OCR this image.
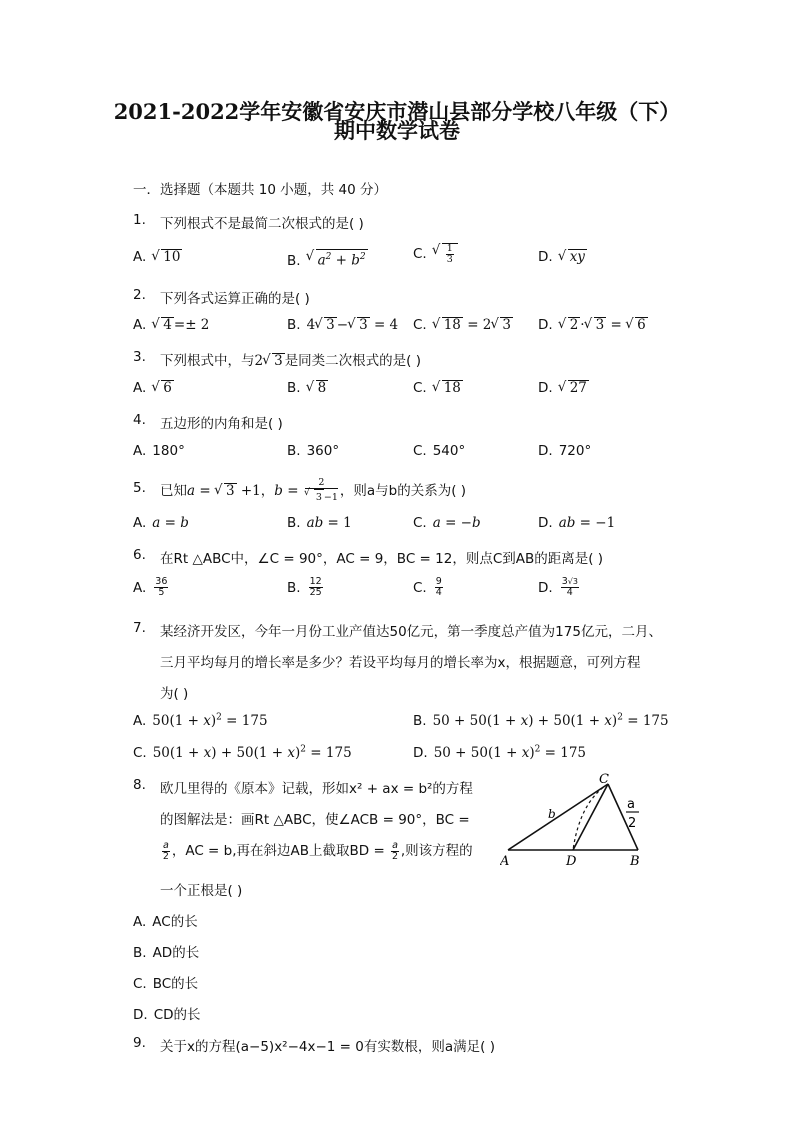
2021-2022学年安徽省安庆市潜山县部分学校八年级（下）
期中数学试卷
一．选择题（本题共 10 小题，共 40 分）
1. 下列根式不是最简二次根式的是( )
A. √ 10	B. √ $a^2 + b^2$	C. √ $\frac{1}{3}$	D. √ xy
2. 下列各式运算正确的是( )
A. √ 4 =± 2	B. 4 √ 3 − √ 3 = 4 C. √ 18 = 2 √ 3 D. √ 2 · √ 3 = √ 6
3. 下列根式中，与2 √ 3 是同类二次根式的是( )
A. √ 6	B. √ 8	C. √ 18	D. √ 27
4. 五边形的内角和是( )
A. 180°	B. 360°	C. 540°	D. 720°
5. 已知a = √ 3 +1，b = 2
√ 3 −1 ，则a与b的关系为( )
A. a = b	B. ab = 1	C. a = −b	D. ab = −1
6. 在Rt △ABC中，∠C = 90°，AC = 9，BC = 12，则点C到AB的距离是( )
A. $\frac{36}{5}$	B. $\frac{12}{25}$	C. $\frac{9}{4}$	D. $\frac{3√3}{4}$
7. 某经济开发区，今年一月份工业产值达50亿元，第一季度总产值为175亿元，二月、
三月平均每月的增长率是多少？若设平均每月的增长率为x，根据题意，可列方程
为( )
A. $50(1 + x)^2 = 175$	B. $50 + 50(1 + x) + 50(1 + x)^2 = 175$
C. $50(1 + x) + 50(1 + x)^2 = 175$	D. $50 + 50(1 + x)^2 = 175$
8. 欧几里得的《原本》记载，形如x² + ax = b²的方程
的图解法是：画Rt △ABC，使∠ACB = 90°，BC =
$\frac{a}{2}$ ，AC = b,再在斜边AB上截取BD = $\frac{a}{2}$ ,则该方程的
一个正根是( )
C
b
a
2
A	D	B
A. AC的长
B. AD的长
C. BC的长
D. CD的长
9. 关于x的方程(a−5)x²−4x−1 = 0有实数根，则a满足( )
